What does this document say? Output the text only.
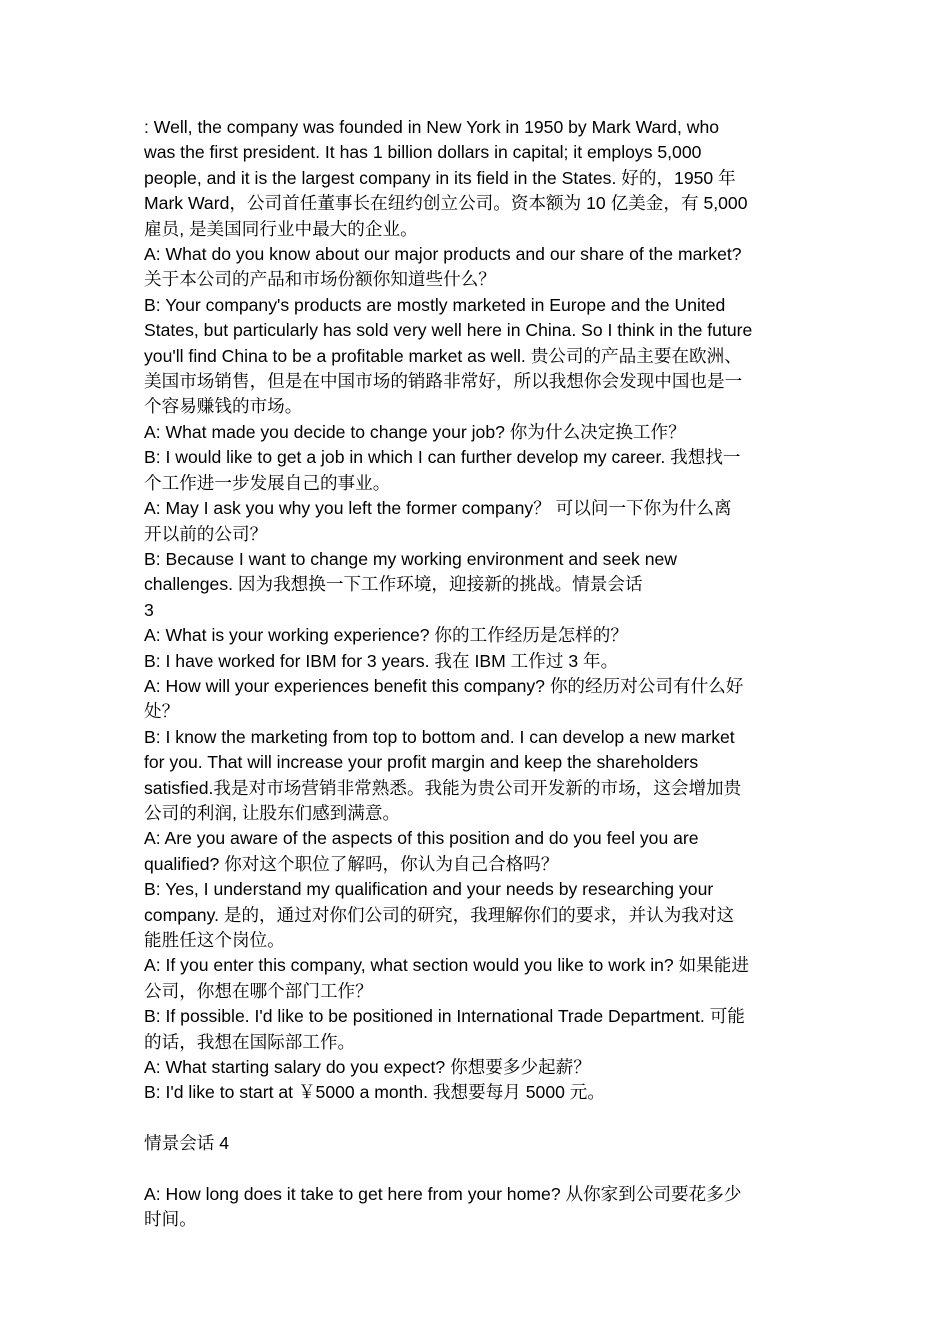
: Well, the company was founded in New York in 1950 by Mark Ward, who
was the first president. It has 1 billion dollars in capital; it employs 5,000
people, and it is the largest company in its field in the States. 好的，1950 年
Mark Ward，公司首任董事长在纽约创立公司。资本额为 10 亿美金，有 5,000
雇员, 是美国同行业中最大的企业。
A: What do you know about our major products and our share of the market?
关于本公司的产品和市场份额你知道些什么？
B: Your company's products are mostly marketed in Europe and the United
States, but particularly has sold very well here in China. So I think in the future
you'll find China to be a profitable market as well. 贵公司的产品主要在欧洲、
美国市场销售，但是在中国市场的销路非常好，所以我想你会发现中国也是一
个容易赚钱的市场。
A: What made you decide to change your job? 你为什么决定换工作？
B: I would like to get a job in which I can further develop my career. 我想找一
个工作进一步发展自己的事业。
A: May I ask you why you left the former company？ 可以问一下你为什么离
开以前的公司？
B: Because I want to change my working environment and seek new
challenges. 因为我想换一下工作环境，迎接新的挑战。情景会话
3
A: What is your working experience? 你的工作经历是怎样的？
B: I have worked for IBM for 3 years. 我在 IBM 工作过 3 年。
A: How will your experiences benefit this company? 你的经历对公司有什么好
处？
B: I know the marketing from top to bottom and. I can develop a new market
for you. That will increase your profit margin and keep the shareholders
satisfied.我是对市场营销非常熟悉。我能为贵公司开发新的市场，这会增加贵
公司的利润, 让股东们感到满意。
A: Are you aware of the aspects of this position and do you feel you are
qualified? 你对这个职位了解吗，你认为自己合格吗？
B: Yes, I understand my qualification and your needs by researching your
company. 是的，通过对你们公司的研究，我理解你们的要求，并认为我对这
能胜任这个岗位。
A: If you enter this company, what section would you like to work in? 如果能进
公司，你想在哪个部门工作？
B: If possible. I'd like to be positioned in International Trade Department. 可能
的话，我想在国际部工作。
A: What starting salary do you expect? 你想要多少起薪？
B: I'd like to start at ￥5000 a month. 我想要每月 5000 元。
情景会话 4
A: How long does it take to get here from your home? 从你家到公司要花多少
时间。
